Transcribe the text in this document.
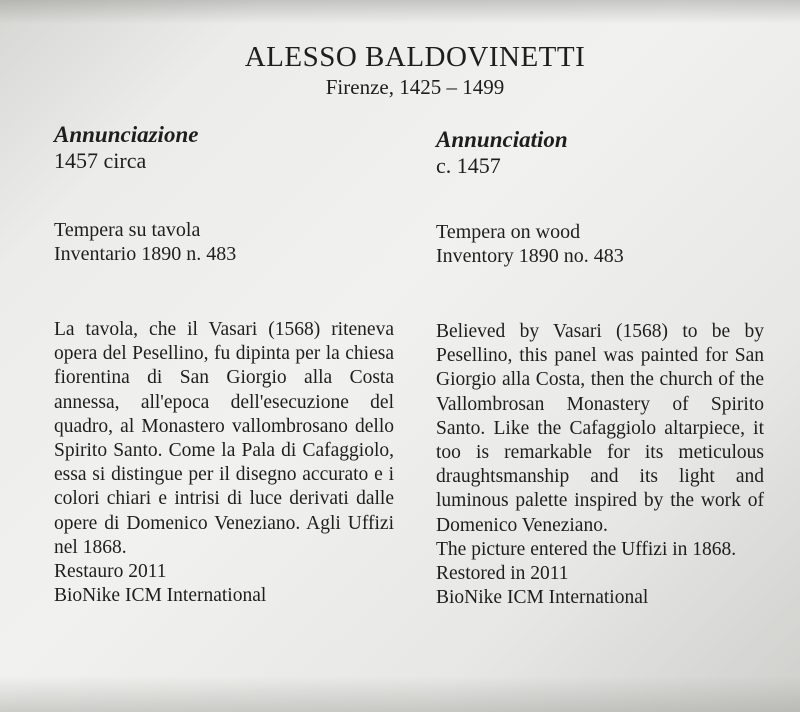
ALESSO BALDOVINETTI
Firenze, 1425 – 1499
Annunciazione
1457 circa
Tempera su tavola
Inventario 1890 n. 483
La tavola, che il Vasari (1568) riteneva opera del Pesellino, fu dipinta per la chiesa fiorentina di San Giorgio alla Costa annessa, all'epoca dell'esecuzione del quadro, al Monastero vallombrosano dello Spirito Santo. Come la Pala di Cafaggiolo, essa si distingue per il disegno accurato e i colori chiari e intrisi di luce derivati dalle opere di Domenico Veneziano. Agli Uffizi nel 1868.
Restauro 2011
BioNike ICM International
Annunciation
c. 1457
Tempera on wood
Inventory 1890 no. 483
Believed by Vasari (1568) to be by Pesellino, this panel was painted for San Giorgio alla Costa, then the church of the Vallombrosan Monastery of Spirito Santo. Like the Cafaggiolo altarpiece, it too is remarkable for its meticulous draughtsmanship and its light and luminous palette inspired by the work of Domenico Veneziano.
The picture entered the Uffizi in 1868.
Restored in 2011
BioNike ICM International
